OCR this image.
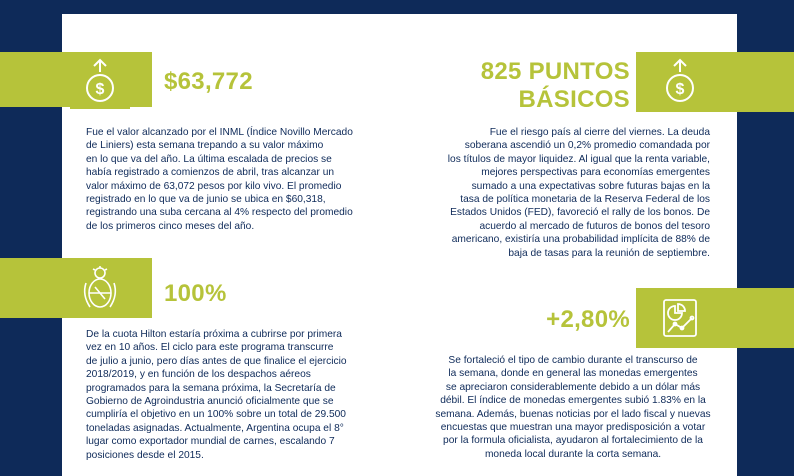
$ $63,772
Fue el valor alcanzado por el INML (Índice Novillo Mercado
de Liniers) esta semana trepando a su valor máximo
en lo que va del año. La última escalada de precios se
había registrado a comienzos de abril, tras alcanzar un
valor máximo de 63,072 pesos por kilo vivo. El promedio
registrado en lo que va de junio se ubica en $60,318,
registrando una suba cercana al 4% respecto del promedio
de los primeros cinco meses del año.
825 PUNTOS
BÁSICOS	$
Fue el riesgo país al cierre del viernes. La deuda
soberana ascendió un 0,2% promedio comandada por
los títulos de mayor liquidez. Al igual que la renta variable,
mejores perspectivas para economías emergentes
sumado a una expectativas sobre futuras bajas en la
tasa de política monetaria de la Reserva Federal de los
Estados Unidos (FED), favoreció el rally de los bonos. De
acuerdo al mercado de futuros de bonos del tesoro
americano, existiría una probabilidad implícita de 88% de
baja de tasas para la reunión de septiembre.
100%
De la cuota Hilton estaría próxima a cubrirse por primera
vez en 10 años. El ciclo para este programa transcurre
de julio a junio, pero días antes de que finalice el ejercicio
2018/2019, y en función de los despachos aéreos
programados para la semana próxima, la Secretaría de
Gobierno de Agroindustria anunció oficialmente que se
cumpliría el objetivo en un 100% sobre un total de 29.500
toneladas asignadas. Actualmente, Argentina ocupa el 8°
lugar como exportador mundial de carnes, escalando 7
posiciones desde el 2015.
+2,80%
Se fortaleció el tipo de cambio durante el transcurso de
la semana, donde en general las monedas emergentes
se apreciaron considerablemente debido a un dólar más
débil. El índice de monedas emergentes subió 1.83% en la
semana. Además, buenas noticias por el lado fiscal y nuevas
encuestas que muestran una mayor predisposición a votar
por la formula oficialista, ayudaron al fortalecimiento de la
moneda local durante la corta semana.
